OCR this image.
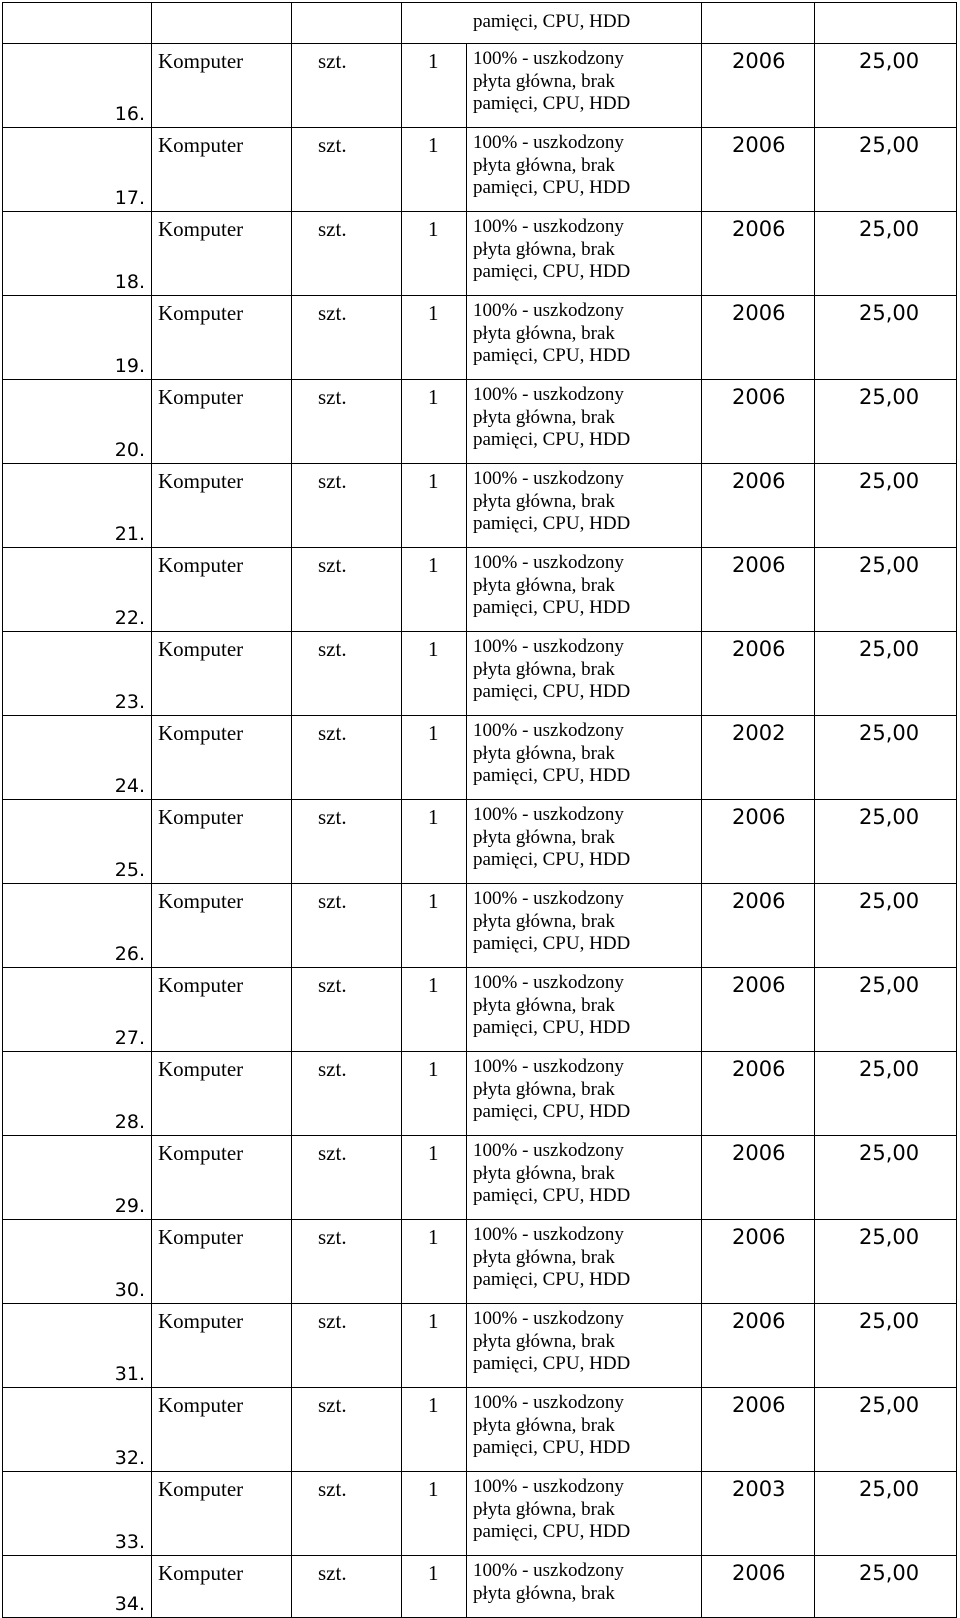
			pamięci, CPU, HDD			
16.	Komputer	szt.	1	100% - uszkodzony
płyta główna, brak
pamięci, CPU, HDD	2006	25,00
17.	Komputer	szt.	1	100% - uszkodzony
płyta główna, brak
pamięci, CPU, HDD	2006	25,00
18.	Komputer	szt.	1	100% - uszkodzony
płyta główna, brak
pamięci, CPU, HDD	2006	25,00
19.	Komputer	szt.	1	100% - uszkodzony
płyta główna, brak
pamięci, CPU, HDD	2006	25,00
20.	Komputer	szt.	1	100% - uszkodzony
płyta główna, brak
pamięci, CPU, HDD	2006	25,00
21.	Komputer	szt.	1	100% - uszkodzony
płyta główna, brak
pamięci, CPU, HDD	2006	25,00
22.	Komputer	szt.	1	100% - uszkodzony
płyta główna, brak
pamięci, CPU, HDD	2006	25,00
23.	Komputer	szt.	1	100% - uszkodzony
płyta główna, brak
pamięci, CPU, HDD	2006	25,00
24.	Komputer	szt.	1	100% - uszkodzony
płyta główna, brak
pamięci, CPU, HDD	2002	25,00
25.	Komputer	szt.	1	100% - uszkodzony
płyta główna, brak
pamięci, CPU, HDD	2006	25,00
26.	Komputer	szt.	1	100% - uszkodzony
płyta główna, brak
pamięci, CPU, HDD	2006	25,00
27.	Komputer	szt.	1	100% - uszkodzony
płyta główna, brak
pamięci, CPU, HDD	2006	25,00
28.	Komputer	szt.	1	100% - uszkodzony
płyta główna, brak
pamięci, CPU, HDD	2006	25,00
29.	Komputer	szt.	1	100% - uszkodzony
płyta główna, brak
pamięci, CPU, HDD	2006	25,00
30.	Komputer	szt.	1	100% - uszkodzony
płyta główna, brak
pamięci, CPU, HDD	2006	25,00
31.	Komputer	szt.	1	100% - uszkodzony
płyta główna, brak
pamięci, CPU, HDD	2006	25,00
32.	Komputer	szt.	1	100% - uszkodzony
płyta główna, brak
pamięci, CPU, HDD	2006	25,00
33.	Komputer	szt.	1	100% - uszkodzony
płyta główna, brak
pamięci, CPU, HDD	2003	25,00
34.	Komputer	szt.	1	100% - uszkodzony
płyta główna, brak	2006	25,00
